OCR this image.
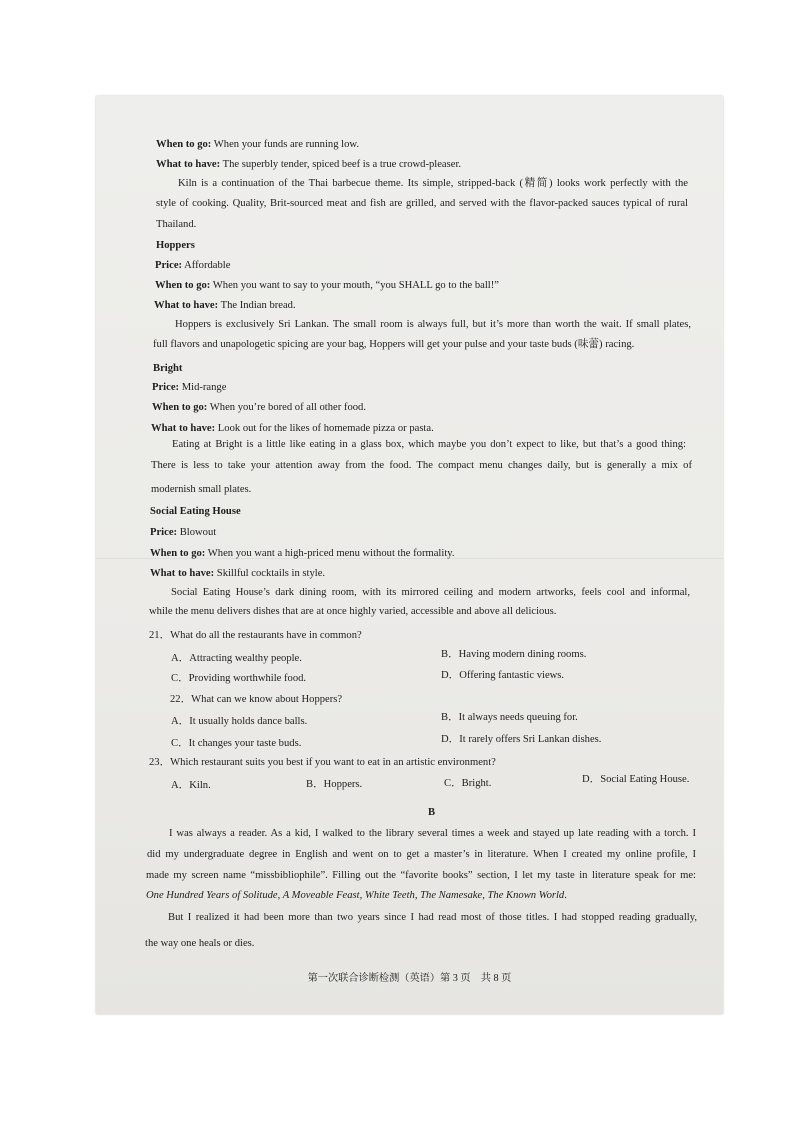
When to go: When your funds are running low.
What to have: The superbly tender, spiced beef is a true crowd-pleaser.
Kiln is a continuation of the Thai barbecue theme. Its simple, stripped-back (精简) looks work perfectly with the
style of cooking. Quality, Brit-sourced meat and fish are grilled, and served with the flavor-packed sauces typical of rural
Thailand.
Hoppers
Price: Affordable
When to go: When you want to say to your mouth, “you SHALL go to the ball!”
What to have: The Indian bread.
Hoppers is exclusively Sri Lankan. The small room is always full, but it’s more than worth the wait. If small plates,
full flavors and unapologetic spicing are your bag, Hoppers will get your pulse and your taste buds (味蕾) racing.
Bright
Price: Mid-range
When to go: When you’re bored of all other food.
What to have: Look out for the likes of homemade pizza or pasta.
Eating at Bright is a little like eating in a glass box, which maybe you don’t expect to like, but that’s a good thing:
There is less to take your attention away from the food. The compact menu changes daily, but is generally a mix of
modernish small plates.
Social Eating House
Price: Blowout
When to go: When you want a high-priced menu without the formality.
What to have: Skillful cocktails in style.
Social Eating House’s dark dining room, with its mirrored ceiling and modern artworks, feels cool and informal,
while the menu delivers dishes that are at once highly varied, accessible and above all delicious.
21．What do all the restaurants have in common?
A．Attracting wealthy people.	B．Having modern dining rooms.
C．Providing worthwhile food.	D．Offering fantastic views.
22．What can we know about Hoppers?
A．It usually holds dance balls.	B．It always needs queuing for.
C．It changes your taste buds.	D．It rarely offers Sri Lankan dishes.
23．Which restaurant suits you best if you want to eat in an artistic environment?
A．Kiln.	B．Hoppers.	C．Bright.	D．Social Eating House.
B
I was always a reader. As a kid, I walked to the library several times a week and stayed up late reading with a torch. I
did my undergraduate degree in English and went on to get a master’s in literature. When I created my online profile, I
made my screen name “missbibliophile”. Filling out the “favorite books” section, I let my taste in literature speak for me:
One Hundred Years of Solitude, A Moveable Feast, White Teeth, The Namesake, The Known World.
But I realized it had been more than two years since I had read most of those titles. I had stopped reading gradually,
the way one heals or dies.
第一次联合诊断检测（英语）第 3 页　共 8 页
